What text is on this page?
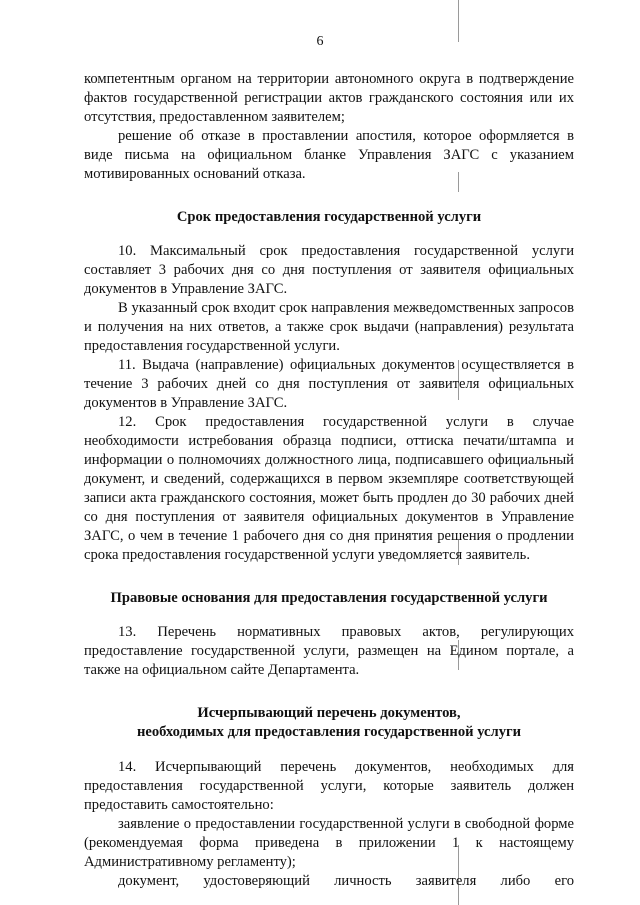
6

компетентным органом на территории автономного округа в подтверждение фактов государственной регистрации актов гражданского состояния или их отсутствия, предоставленном заявителем;

решение об отказе в проставлении апостиля, которое оформляется в виде письма на официальном бланке Управления ЗАГС с указанием мотивированных оснований отказа.

Срок предоставления государственной услуги

10. Максимальный срок предоставления государственной услуги составляет 3 рабочих дня со дня поступления от заявителя официальных документов в Управление ЗАГС.

В указанный срок входит срок направления межведомственных запросов и получения на них ответов, а также срок выдачи (направления) результата предоставления государственной услуги.

11. Выдача (направление) официальных документов осуществляется в течение 3 рабочих дней со дня поступления от заявителя официальных документов в Управление ЗАГС.

12. Срок предоставления государственной услуги в случае необходимости истребования образца подписи, оттиска печати/штампа и информации о полномочиях должностного лица, подписавшего официальный документ, и сведений, содержащихся в первом экземпляре соответствующей записи акта гражданского состояния, может быть продлен до 30 рабочих дней со дня поступления от заявителя официальных документов в Управление ЗАГС, о чем в течение 1 рабочего дня со дня принятия решения о продлении срока предоставления государственной услуги уведомляется заявитель.

Правовые основания для предоставления государственной услуги

13. Перечень нормативных правовых актов, регулирующих предоставление государственной услуги, размещен на Едином портале, а также на официальном сайте Департамента.

Исчерпывающий перечень документов,

необходимых для предоставления государственной услуги

14. Исчерпывающий перечень документов, необходимых для предоставления государственной услуги, которые заявитель должен предоставить самостоятельно:

заявление о предоставлении государственной услуги в свободной форме (рекомендуемая форма приведена в приложении 1 к настоящему Административному регламенту);

документ, удостоверяющий личность заявителя либо его
